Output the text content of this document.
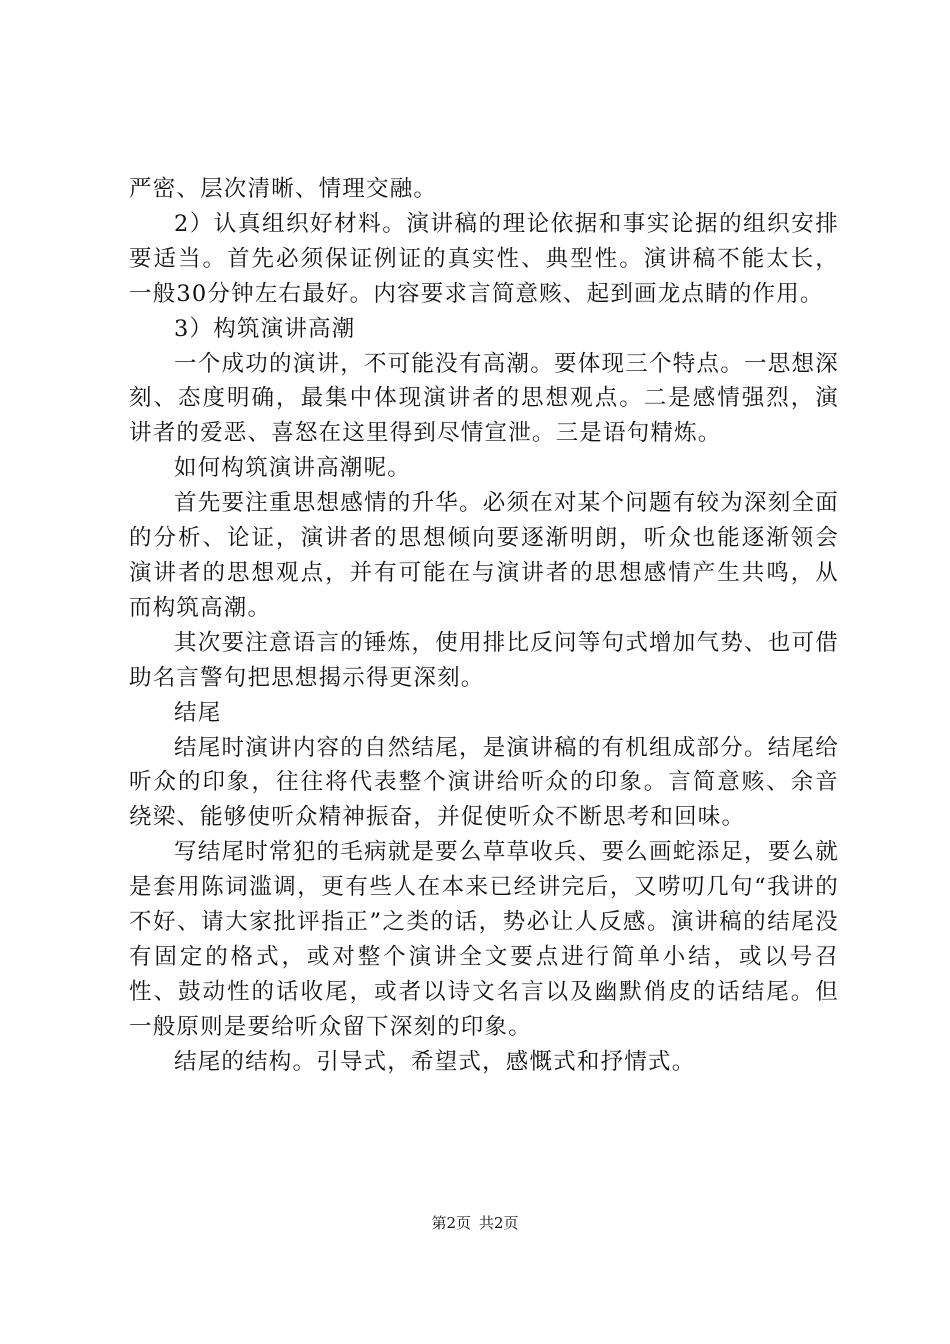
严密、层次清晰、情理交融。

2）认真组织好材料。演讲稿的理论依据和事实论据的组织安排要适当。首先必须保证例证的真实性、典型性。演讲稿不能太长，一般30分钟左右最好。内容要求言简意赅、起到画龙点睛的作用。

3）构筑演讲高潮

一个成功的演讲，不可能没有高潮。要体现三个特点。一思想深刻、态度明确，最集中体现演讲者的思想观点。二是感情强烈，演讲者的爱恶、喜怒在这里得到尽情宣泄。三是语句精炼。

如何构筑演讲高潮呢。

首先要注重思想感情的升华。必须在对某个问题有较为深刻全面的分析、论证，演讲者的思想倾向要逐渐明朗，听众也能逐渐领会演讲者的思想观点，并有可能在与演讲者的思想感情产生共鸣，从而构筑高潮。

其次要注意语言的锤炼，使用排比反问等句式增加气势、也可借助名言警句把思想揭示得更深刻。

结尾

结尾时演讲内容的自然结尾，是演讲稿的有机组成部分。结尾给听众的印象，往往将代表整个演讲给听众的印象。言简意赅、余音绕梁、能够使听众精神振奋，并促使听众不断思考和回味。

写结尾时常犯的毛病就是要么草草收兵、要么画蛇添足，要么就是套用陈词滥调，更有些人在本来已经讲完后，又唠叨几句“我讲的不好、请大家批评指正”之类的话，势必让人反感。演讲稿的结尾没有固定的格式，或对整个演讲全文要点进行简单小结，或以号召性、鼓动性的话收尾，或者以诗文名言以及幽默俏皮的话结尾。但一般原则是要给听众留下深刻的印象。

结尾的结构。引导式，希望式，感慨式和抒情式。

第2页 共2页
